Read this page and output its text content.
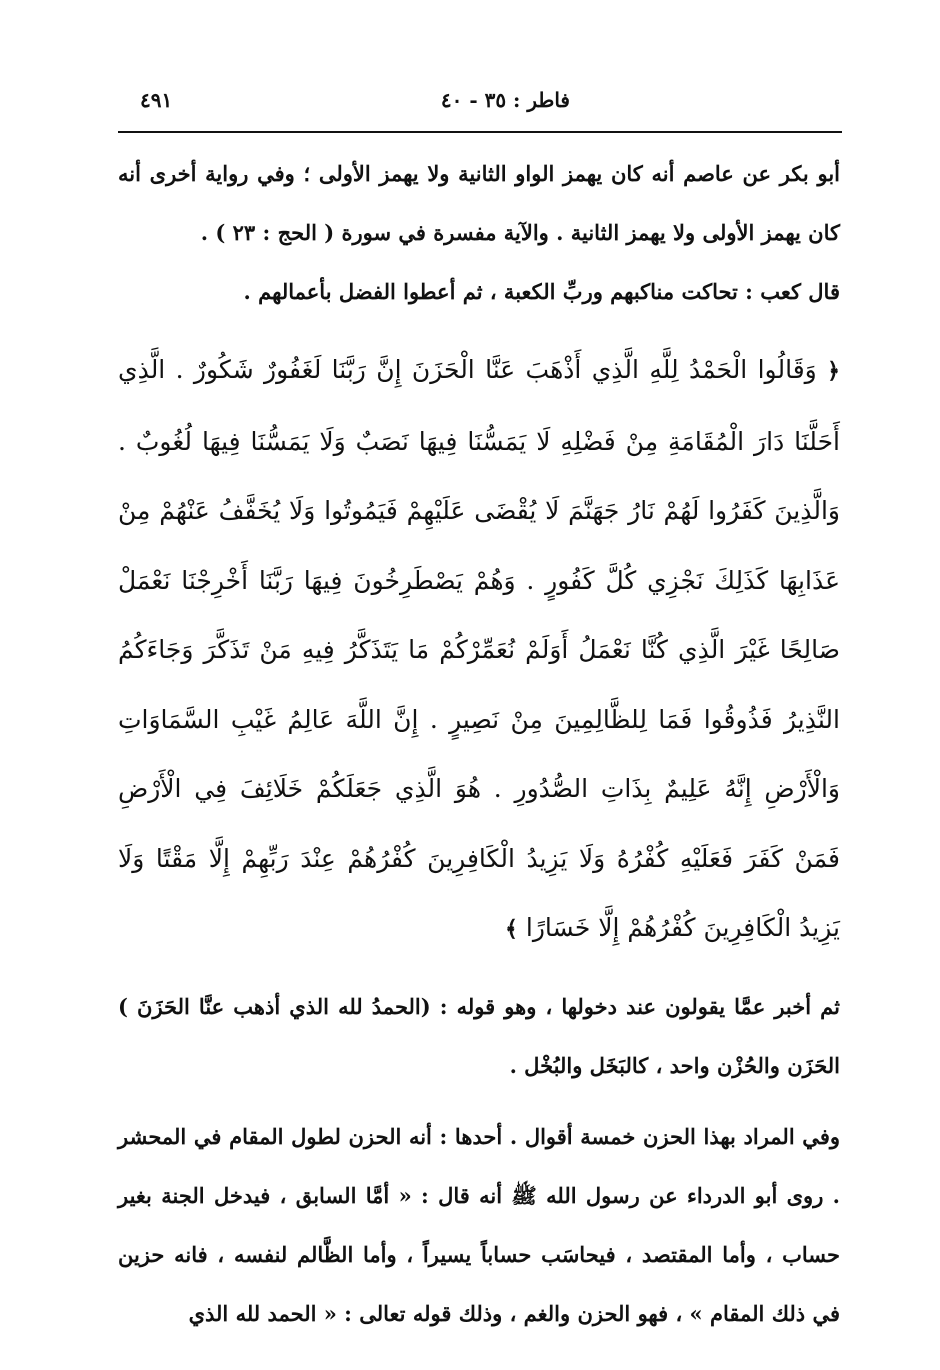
فاطر : ٣٥ - ٤٠
٤٩١

أبو بكر عن عاصم أنه كان يهمز الواو الثانية ولا يهمز الأولى ؛ وفي رواية أخرى أنه كان يهمز الأولى ولا يهمز الثانية . والآية مفسرة في سورة ( الحج : ٢٣ ) .

قال كعب : تحاكت مناكبهم وربِّ الكعبة ، ثم أعطوا الفضل بأعمالهم .

﴿ وَقَالُوا الْحَمْدُ لِلَّهِ الَّذِي أَذْهَبَ عَنَّا الْحَزَنَ إِنَّ رَبَّنَا لَغَفُورٌ شَكُورٌ . الَّذِي أَحَلَّنَا دَارَ الْمُقَامَةِ مِنْ فَضْلِهِ لَا يَمَسُّنَا فِيهَا نَصَبٌ وَلَا يَمَسُّنَا فِيهَا لُغُوبٌ . وَالَّذِينَ كَفَرُوا لَهُمْ نَارُ جَهَنَّمَ لَا يُقْضَى عَلَيْهِمْ فَيَمُوتُوا وَلَا يُخَفَّفُ عَنْهُمْ مِنْ عَذَابِهَا كَذَلِكَ نَجْزِي كُلَّ كَفُورٍ . وَهُمْ يَصْطَرِخُونَ فِيهَا رَبَّنَا أَخْرِجْنَا نَعْمَلْ صَالِحًا غَيْرَ الَّذِي كُنَّا نَعْمَلُ أَوَلَمْ نُعَمِّرْكُمْ مَا يَتَذَكَّرُ فِيهِ مَنْ تَذَكَّرَ وَجَاءَكُمُ النَّذِيرُ فَذُوقُوا فَمَا لِلظَّالِمِينَ مِنْ نَصِيرٍ . إِنَّ اللَّهَ عَالِمُ غَيْبِ السَّمَاوَاتِ وَالْأَرْضِ إِنَّهُ عَلِيمٌ بِذَاتِ الصُّدُورِ . هُوَ الَّذِي جَعَلَكُمْ خَلَائِفَ فِي الْأَرْضِ فَمَنْ كَفَرَ فَعَلَيْهِ كُفْرُهُ وَلَا يَزِيدُ الْكَافِرِينَ كُفْرُهُمْ عِنْدَ رَبِّهِمْ إِلَّا مَقْتًا وَلَا يَزِيدُ الْكَافِرِينَ كُفْرُهُمْ إِلَّا خَسَارًا ﴾

ثم أخبر عمَّا يقولون عند دخولها ، وهو قوله : (الحمدُ لله الذي أذهب عنَّا الحَزَنَ ) الحَزَن والحُزْن واحد ، كالبَخَل والبُخْل .

وفي المراد بهذا الحزن خمسة أقوال . أحدها : أنه الحزن لطول المقام في المحشر . روى أبو الدرداء عن رسول الله ﷺ أنه قال : « أمَّا السابق ، فيدخل الجنة بغير حساب ، وأما المقتصد ، فيحاسَب حساباً يسيراً ، وأما الظَّالم لنفسه ، فانه حزين في ذلك المقام » ، فهو الحزن والغم ، وذلك قوله تعالى : « الحمد لله الذي
